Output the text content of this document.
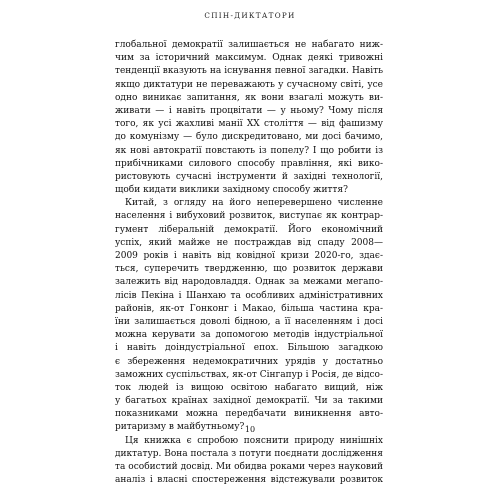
СПІН-ДИКТАТОРИ
глобальної демократії залишається не набагато ниж-
чим за історичний максимум. Однак деякі тривожні
тенденції вказують на існування певної загадки. Навіть
якщо диктатури не переважають у сучасному світі, усе
одно виникає запитання, як вони взагалі можуть ви-
живати — і навіть процвітати — у ньому? Чому після
того, як усі жахливі манії XX століття — від фашизму
до комунізму — було дискредитовано, ми досі бачимо,
як нові автократії повстають із попелу? І що робити із
прибічниками силового способу правління, які вико-
ристовують сучасні інструменти й західні технології,
щоби кидати виклики західному способу життя?
Китай, з огляду на його неперевершено численне
населення і вибуховий розвиток, виступає як контрар-
гумент ліберальній демократії. Його економічний
успіх, який майже не постраждав від спаду 2008—
2009 років і навіть від ковідної кризи 2020-го, здає-
ться, суперечить твердженню, що розвиток держави
залежить від народовладдя. Однак за межами мегапо-
лісів Пекіна і Шанхаю та особливих адміністративних
районів, як-от Гонконг і Макао, більша частина кра-
їни залишається доволі бідною, а її населенням і досі
можна керувати за допомогою методів індустріальної
і навіть доіндустріальної епох. Більшою загадкою
є збереження недемократичних урядів у достатньо
заможних суспільствах, як-от Сінгапур і Росія, де відсо-
ток людей із вищою освітою набагато вищий, ніж
у багатьох країнах західної демократії. Чи за такими
показниками можна передбачати виникнення авто-
ритаризму в майбутньому?
Ця книжка є спробою пояснити природу нинішніх
диктатур. Вона постала з потуги поєднати дослідження
та особистий досвід. Ми обидва роками через науковий
аналіз і власні спостереження відстежували розвиток
10
